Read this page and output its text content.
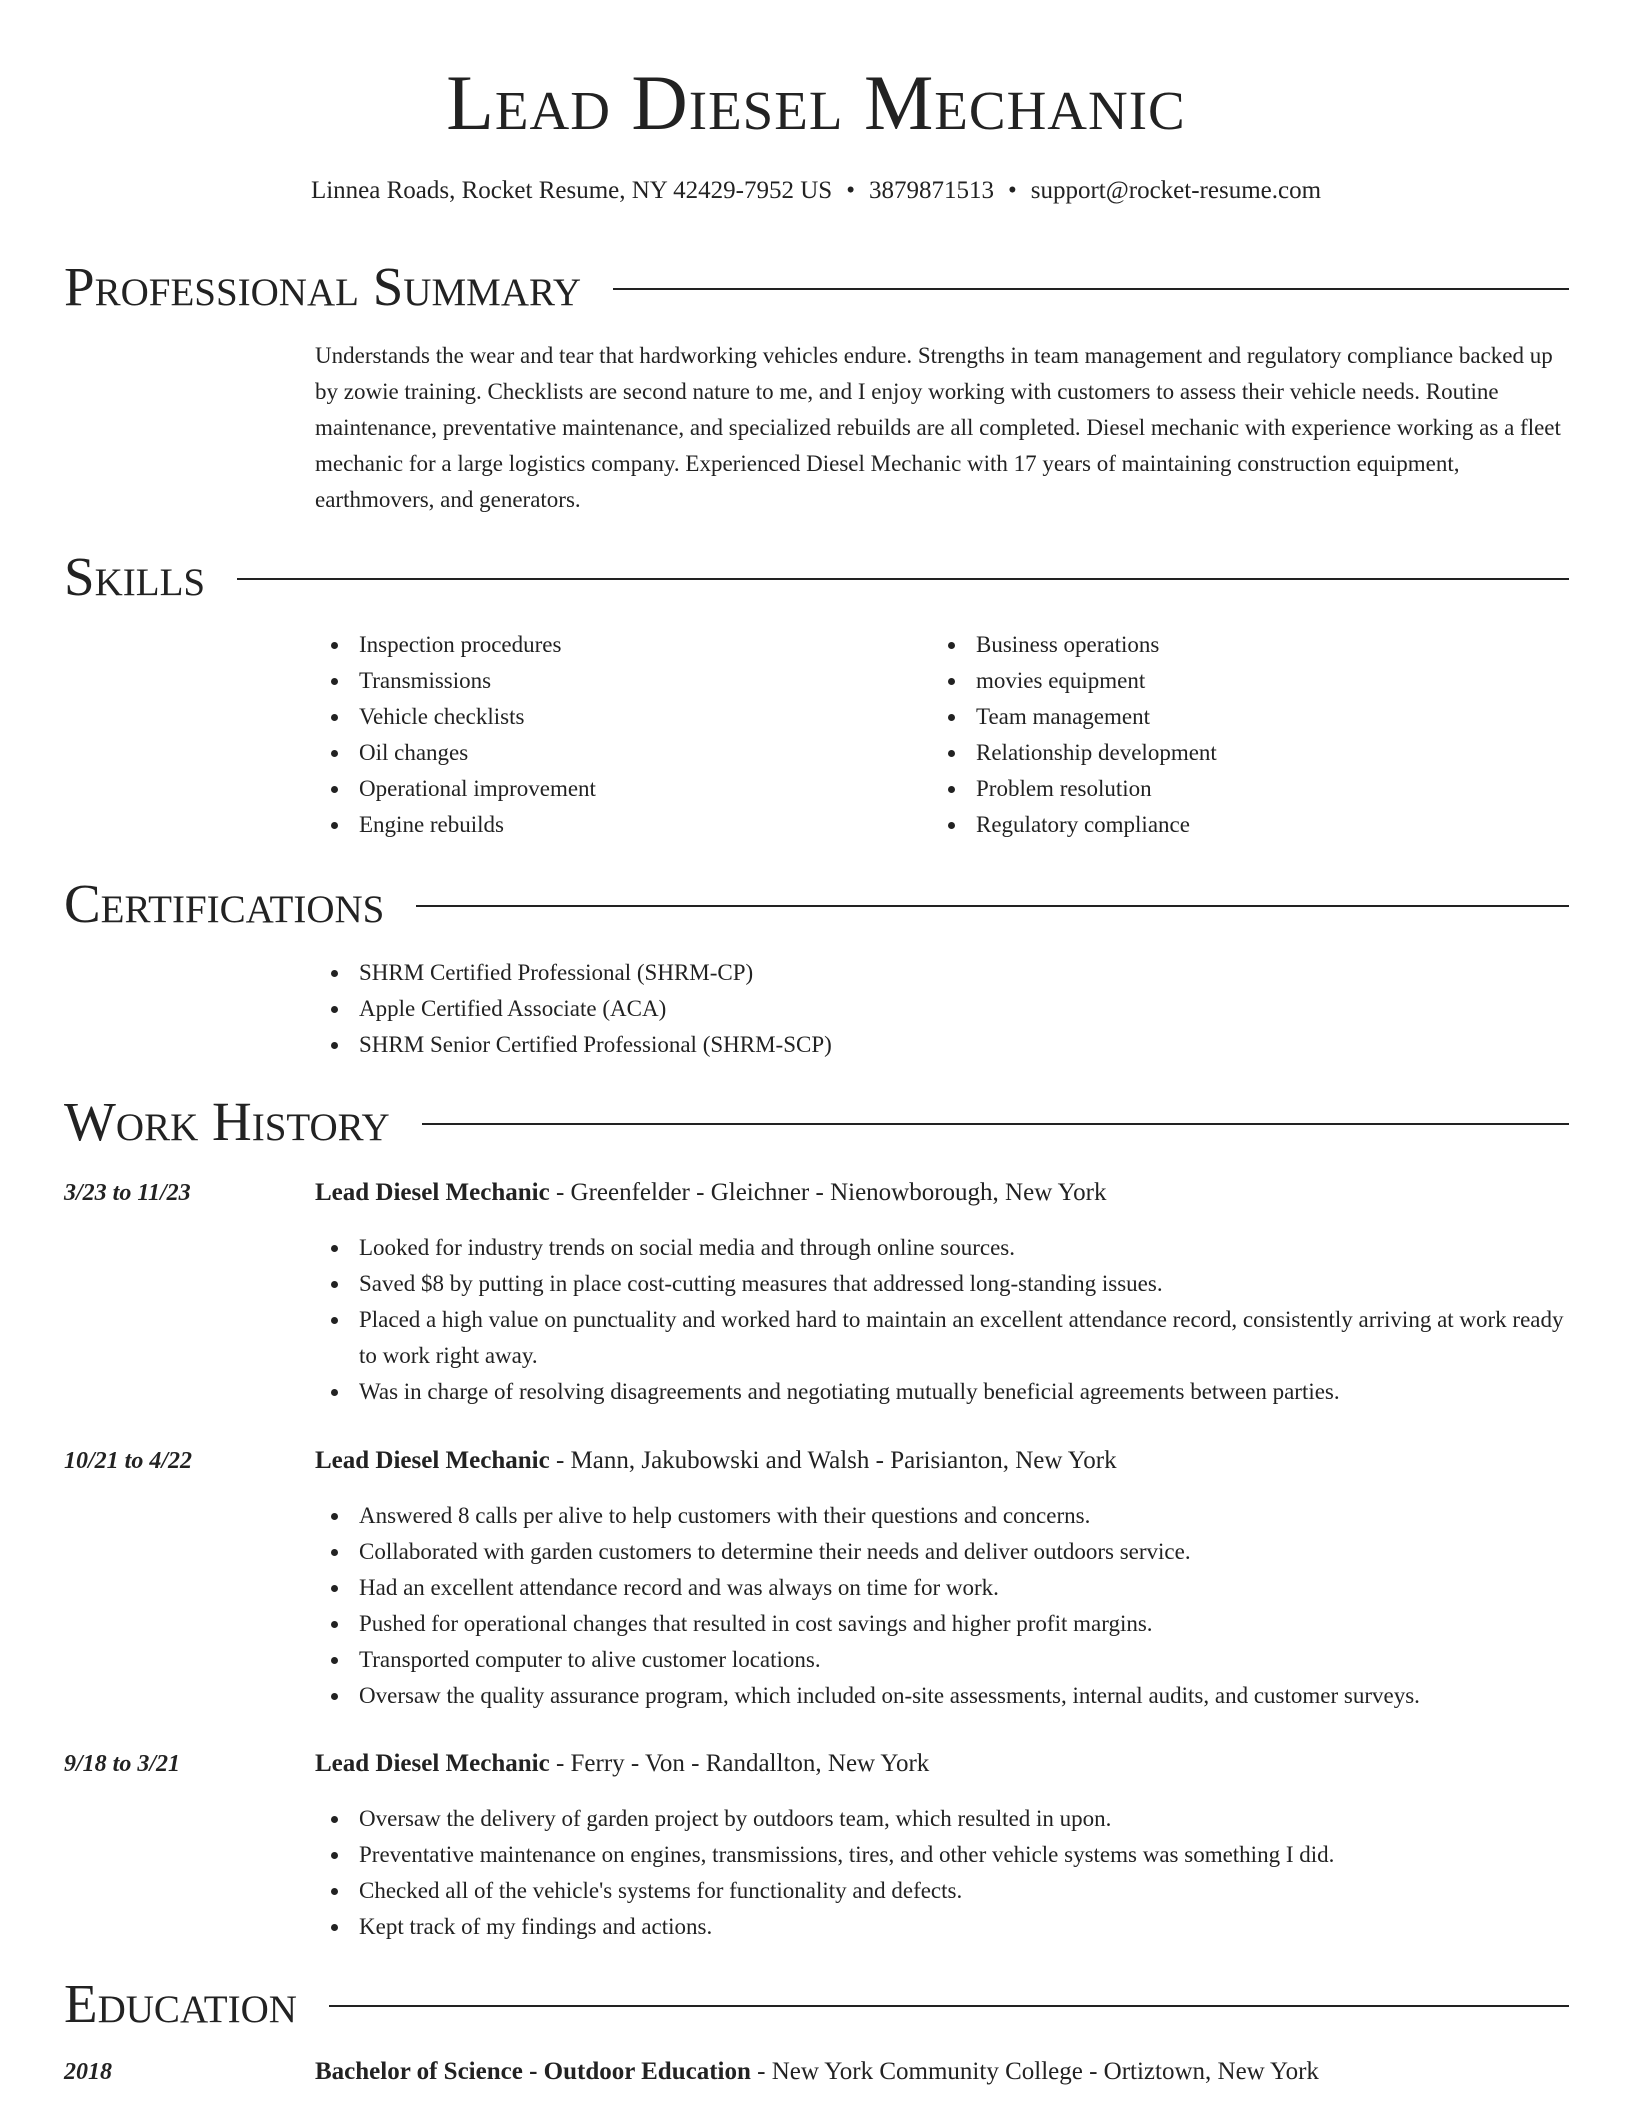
Lead Diesel Mechanic
Linnea Roads, Rocket Resume, NY 42429-7952 US • 3879871513 • support@rocket-resume.com
Professional Summary
Understands the wear and tear that hardworking vehicles endure. Strengths in team management and regulatory compliance backed up by zowie training. Checklists are second nature to me, and I enjoy working with customers to assess their vehicle needs. Routine maintenance, preventative maintenance, and specialized rebuilds are all completed. Diesel mechanic with experience working as a fleet mechanic for a large logistics company. Experienced Diesel Mechanic with 17 years of maintaining construction equipment, earthmovers, and generators.
Skills
Inspection procedures
Transmissions
Vehicle checklists
Oil changes
Operational improvement
Engine rebuilds
Business operations
movies equipment
Team management
Relationship development
Problem resolution
Regulatory compliance
Certifications
SHRM Certified Professional (SHRM-CP)
Apple Certified Associate (ACA)
SHRM Senior Certified Professional (SHRM-SCP)
Work History
3/23 to 11/23	Lead Diesel Mechanic - Greenfelder - Gleichner - Nienowborough, New York
Looked for industry trends on social media and through online sources.
Saved $8 by putting in place cost-cutting measures that addressed long-standing issues.
Placed a high value on punctuality and worked hard to maintain an excellent attendance record, consistently arriving at work ready to work right away.
Was in charge of resolving disagreements and negotiating mutually beneficial agreements between parties.
10/21 to 4/22	Lead Diesel Mechanic - Mann, Jakubowski and Walsh - Parisianton, New York
Answered 8 calls per alive to help customers with their questions and concerns.
Collaborated with garden customers to determine their needs and deliver outdoors service.
Had an excellent attendance record and was always on time for work.
Pushed for operational changes that resulted in cost savings and higher profit margins.
Transported computer to alive customer locations.
Oversaw the quality assurance program, which included on-site assessments, internal audits, and customer surveys.
9/18 to 3/21	Lead Diesel Mechanic - Ferry - Von - Randallton, New York
Oversaw the delivery of garden project by outdoors team, which resulted in upon.
Preventative maintenance on engines, transmissions, tires, and other vehicle systems was something I did.
Checked all of the vehicle's systems for functionality and defects.
Kept track of my findings and actions.
Education
2018	Bachelor of Science - Outdoor Education - New York Community College - Ortiztown, New York
